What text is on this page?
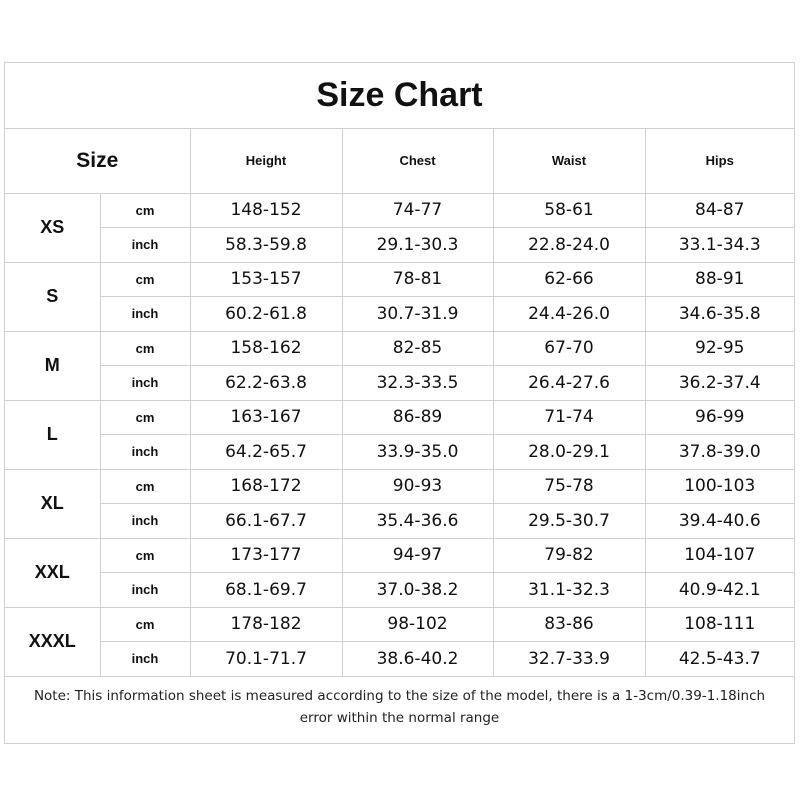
Size Chart
Size		Height	Chest	Waist	Hips
XS	cm	148-152	74-77	58-61	84-87
	inch	58.3-59.8	29.1-30.3	22.8-24.0	33.1-34.3
S	cm	153-157	78-81	62-66	88-91
	inch	60.2-61.8	30.7-31.9	24.4-26.0	34.6-35.8
M	cm	158-162	82-85	67-70	92-95
	inch	62.2-63.8	32.3-33.5	26.4-27.6	36.2-37.4
L	cm	163-167	86-89	71-74	96-99
	inch	64.2-65.7	33.9-35.0	28.0-29.1	37.8-39.0
XL	cm	168-172	90-93	75-78	100-103
	inch	66.1-67.7	35.4-36.6	29.5-30.7	39.4-40.6
XXL	cm	173-177	94-97	79-82	104-107
	inch	68.1-69.7	37.0-38.2	31.1-32.3	40.9-42.1
XXXL	cm	178-182	98-102	83-86	108-111
	inch	70.1-71.7	38.6-40.2	32.7-33.9	42.5-43.7
Note: This information sheet is measured according to the size of the model, there is a 1-3cm/0.39-1.18inch error within the normal range
